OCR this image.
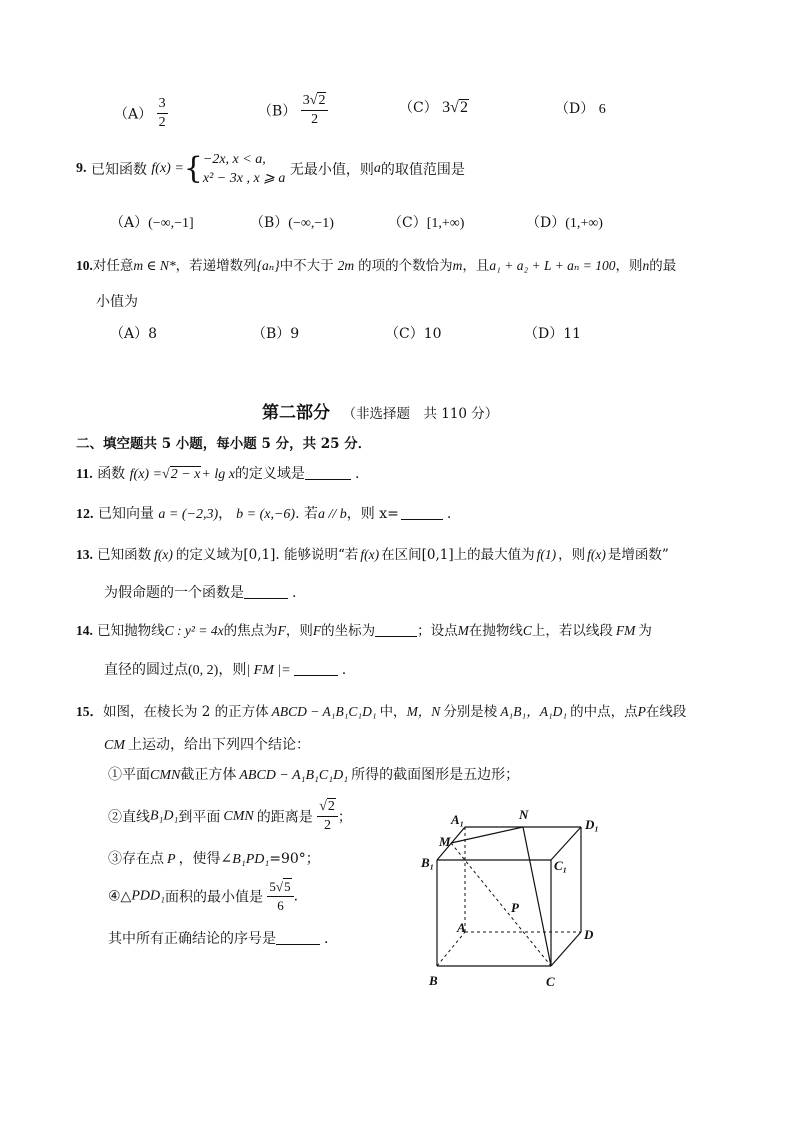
$(A) \frac{3}{2}$	$(B) \frac{3√2}{2}$	（C） 3√2	（D） 6
9. 已知函数 f(x) ={ −2x, x < a,
x² − 3x , x ⩾ a
无最小值，则a的取值范围是
（A）(−∞,−1]	（B）(−∞,−1)	（C）[1,+∞)	（D）(1,+∞)
10.对任意m ∈ N*，若递增数列{aₙ}中不大于 2m 的项的个数恰为m，且a₁ + a₂ + L + aₙ = 100，则n的最
小值为
（A）8	（B）9	（C）10	（D）11
第二部分 （非选择题　共 110 分）
二、填空题共 5 小题，每小题 5 分，共 25 分．
11. 函数 f(x) =√2 − x+ lg x的定义域是	.
12. 已知向量 a = (−2,3)， b = (x,−6). 若a // b，则 x=	.
13. 已知函数 f(x) 的定义域为[0,1]. 能够说明“若 f(x) 在区间[0,1]上的最大值为 f(1) ，则 f(x) 是增函数”
为假命题的一个函数是	.
14. 已知抛物线C : y² = 4x的焦点为F，则F的坐标为	；设点M在抛物线C上，若以线段 FM 为
直径的圆过点(0, 2)，则| FM |=	.
15．如图，在棱长为 2 的正方体 ABCD − A₁B₁C₁D₁ 中，M，N 分别是棱 A₁B₁，A₁D₁ 的中点，点P在线段
CM 上运动，给出下列四个结论：
①平面CMN截正方体 ABCD − A₁B₁C₁D₁ 所得的截面图形是五边形；
②直线B₁D₁到平面 CMN 的距离是 $\frac{√2}{2}$ ；
③存在点 P ，使得∠B₁PD₁=90°；
④△PDD₁面积的最小值是 $\frac{5√5}{6}$ .
其中所有正确结论的序号是	.
A₁	N
D₁
M
B₁	C₁
P
A	D
B	C
